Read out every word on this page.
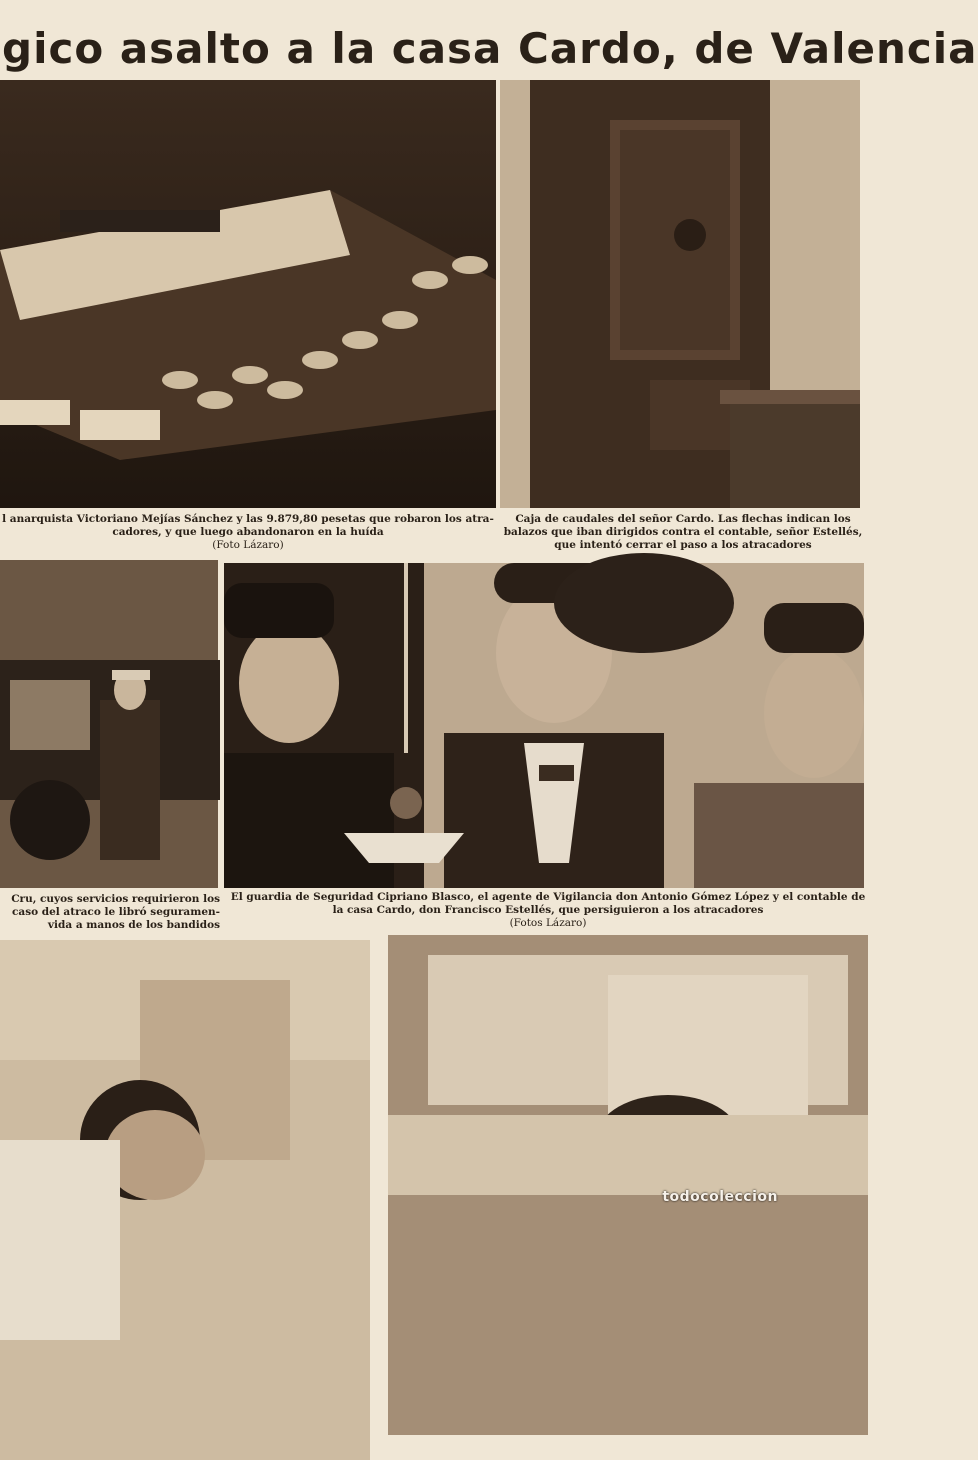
gico asalto a la casa Cardo, de Valencia
l anarquista Victoriano Mejías Sánchez y las 9.879,80 pesetas que robaron los atra-
cadores, y que luego abandonaron en la huída
(Foto Lázaro)
Caja de caudales del señor Cardo. Las flechas indican los
balazos que iban dirigidos contra el contable, señor Estellés,
que intentó cerrar el paso a los atracadores
Cru, cuyos servicios requirieron los
caso del atraco le libró seguramen-
vida a manos de los bandidos
El guardia de Seguridad Cipriano Blasco, el agente de Vigilancia don Antonio Gómez López y el contable de
la casa Cardo, don Francisco Estellés, que persiguieron a los atracadores
(Fotos Lázaro)
todocoleccion
